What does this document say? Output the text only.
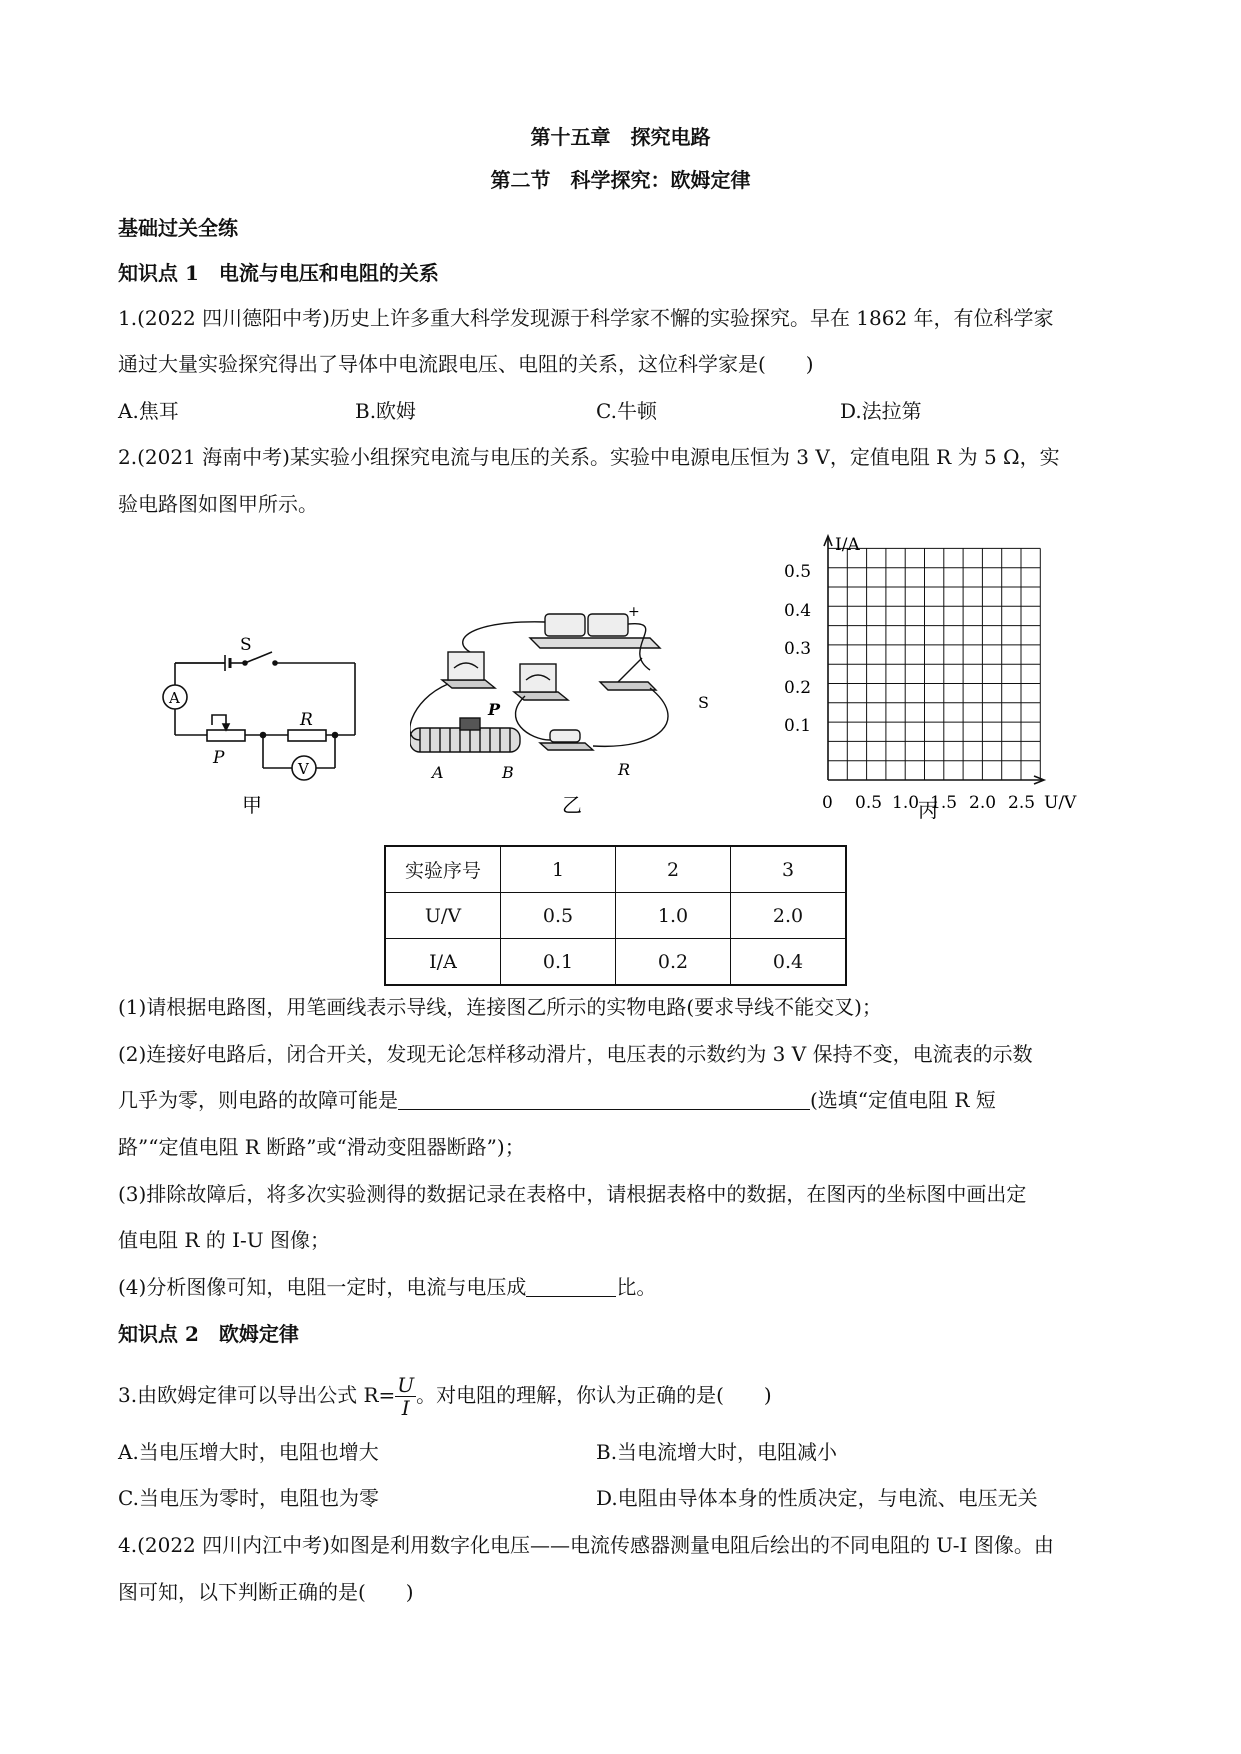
第十五章　探究电路
第二节　科学探究：欧姆定律
基础过关全练
知识点 1　电流与电压和电阻的关系
1.(2022 四川德阳中考)历史上许多重大科学发现源于科学家不懈的实验探究。早在 1862 年，有位科学家
通过大量实验探究得出了导体中电流跟电压、电阻的关系，这位科学家是(　　)
A.焦耳	B.欧姆	C.牛顿	D.法拉第
2.(2021 海南中考)某实验小组探究电流与电压的关系。实验中电源电压恒为 3 V，定值电阻 R 为 5 Ω，实
验电路图如图甲所示。
S
A
V
R
P
甲
+
P
A	B
S
R
乙
I/A
U/V
0.5
0.4
0.3
0.2
0.1
0 0.5 1.0 1.5 2.0 2.5
丙
实验序号	1	2	3
U/V	0.5	1.0	2.0
I/A	0.1	0.2	0.4
(1)请根据电路图，用笔画线表示导线，连接图乙所示的实物电路(要求导线不能交叉)；
(2)连接好电路后，闭合开关，发现无论怎样移动滑片，电压表的示数约为 3 V 保持不变，电流表的示数
几乎为零，则电路的故障可能是	(选填“定值电阻 R 短
路”“定值电阻 R 断路”或“滑动变阻器断路”)；
(3)排除故障后，将多次实验测得的数据记录在表格中，请根据表格中的数据，在图丙的坐标图中画出定
值电阻 R 的 I-U 图像；
(4)分析图像可知，电阻一定时，电流与电压成	比。
知识点 2　欧姆定律
3.由欧姆定律可以导出公式 $R= \frac{U}{I}$ 。对电阻的理解，你认为正确的是(　　)
A.当电压增大时，电阻也增大	B.当电流增大时，电阻减小
C.当电压为零时，电阻也为零	D.电阻由导体本身的性质决定，与电流、电压无关
4.(2022 四川内江中考)如图是利用数字化电压——电流传感器测量电阻后绘出的不同电阻的 U-I 图像。由
图可知，以下判断正确的是(　　)
